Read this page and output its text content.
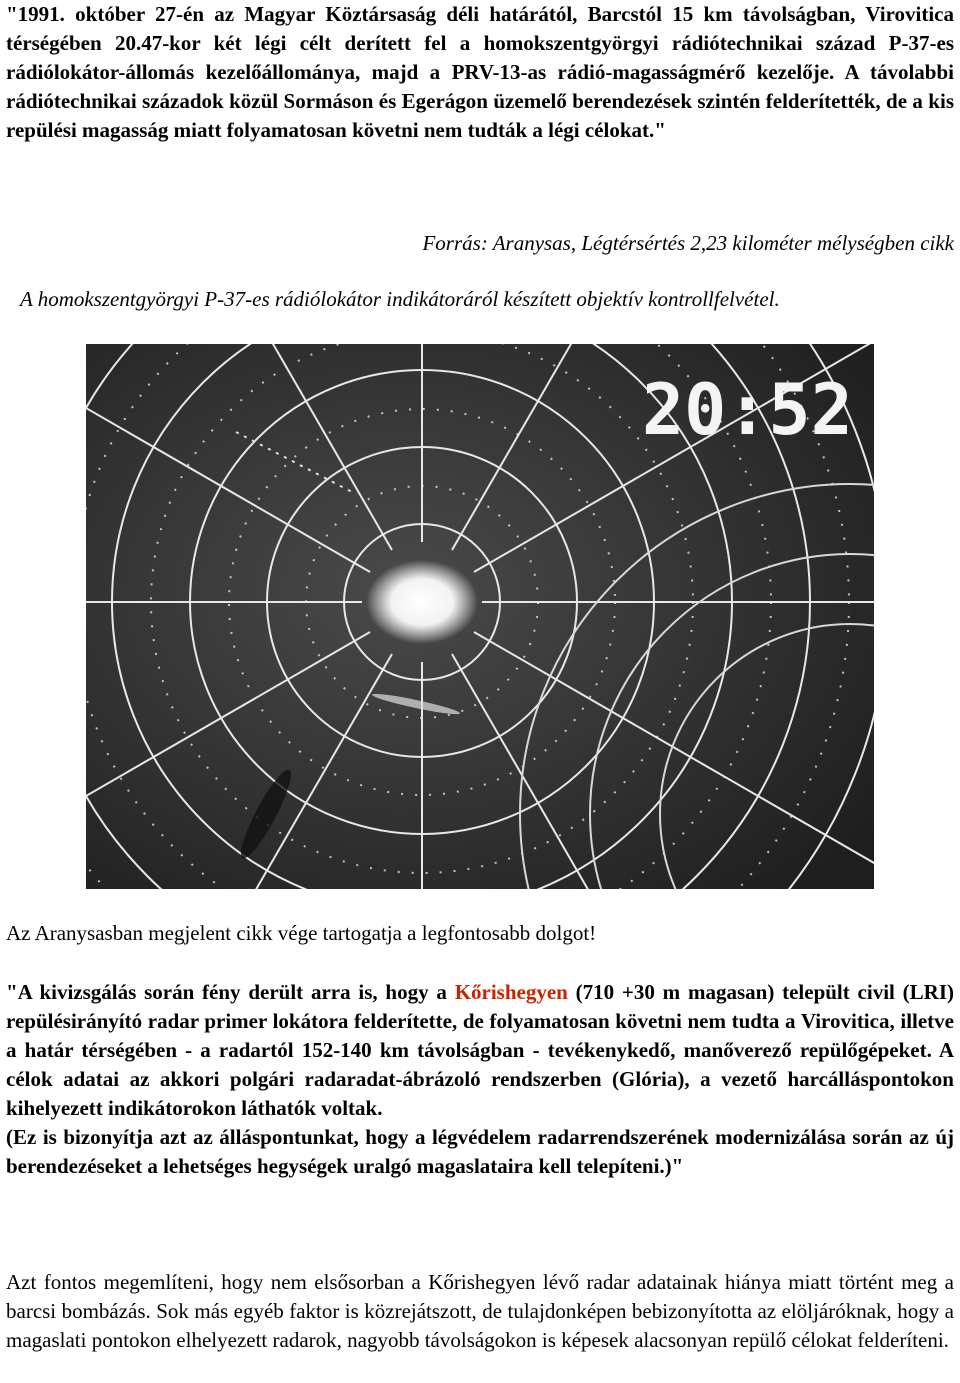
"1991. október 27-én az Magyar Köztársaság déli határától, Barcstól 15 km távolságban, Virovitica térségében 20.47-kor két légi célt derített fel a homokszentgyörgyi rádiótechnikai század P-37-es rádiólokátor-állomás kezelőállománya, majd a PRV-13-as rádió-magasságmérő kezelője. A távolabbi rádiótechnikai századok közül Sormáson és Egerágon üzemelő berendezések szintén felderítették, de a kis repülési magasság miatt folyamatosan követni nem tudták a légi célokat."

Forrás: Aranysas, Légtérsértés 2,23 kilométer mélységben cikk

A homokszentgyörgyi P-37-es rádiólokátor indikátoráról készített objektív kontrollfelvétel.

20:52

Az Aranysasban megjelent cikk vége tartogatja a legfontosabb dolgot!

"A kivizsgálás során fény derült arra is, hogy a Kőrishegyen (710 +30 m magasan) települt civil (LRI) repülésirányító radar primer lokátora felderítette, de folyamatosan követni nem tudta a Virovitica, illetve a határ térségében - a radartól 152-140 km távolságban - tevékenykedő, manőverező repülőgépeket. A célok adatai az akkori polgári radaradat-ábrázoló rendszerben (Glória), a vezető harcálláspontokon kihelyezett indikátorokon láthatók voltak.
(Ez is bizonyítja azt az álláspontunkat, hogy a légvédelem radarrendszerének modernizálása során az új berendezéseket a lehetséges hegységek uralgó magaslataira kell telepíteni.)"

Azt fontos megemlíteni, hogy nem elsősorban a Kőrishegyen lévő radar adatainak hiánya miatt történt meg a barcsi bombázás. Sok más egyéb faktor is közrejátszott, de tulajdonképen bebizonyította az elöljáróknak, hogy a magaslati pontokon elhelyezett radarok, nagyobb távolságokon is képesek alacsonyan repülő célokat felderíteni.
